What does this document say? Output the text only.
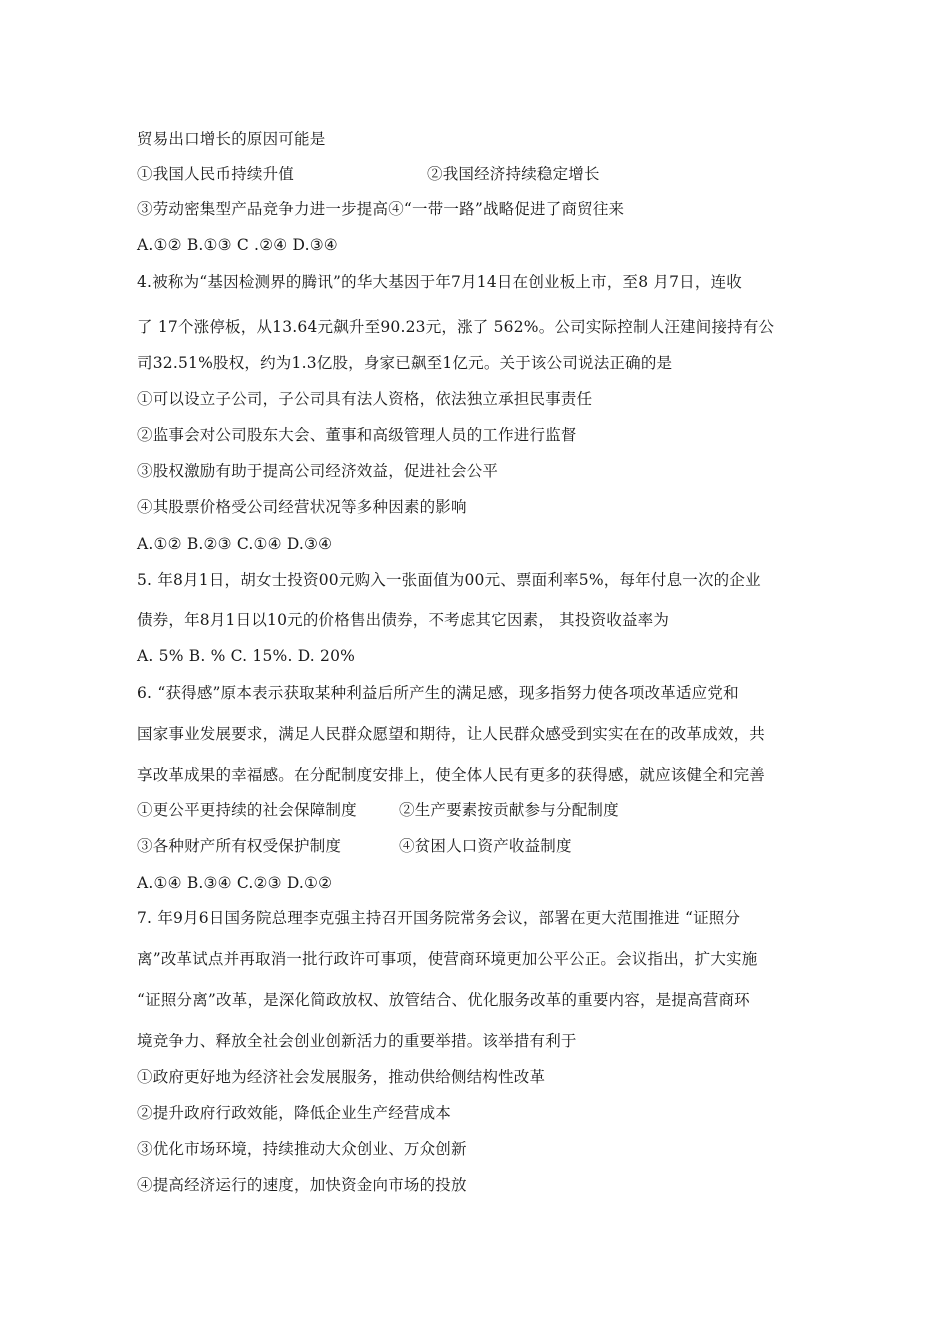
贸易出口增长的原因可能是
①我国人民币持续升值	②我国经济持续稳定增长
③劳动密集型产品竞争力进一步提高④“一带一路”战略促进了商贸往来
A.①② B.①③ C .②④ D.③④
4.被称为“基因检测界的腾讯”的华大基因于年7月14日在创业板上市，至8 月7日，连收
了 17个涨停板，从13.64元飙升至90.23元，涨了 562%。公司实际控制人汪建间接持有公
司32.51%股权，约为1.3亿股，身家已飙至1亿元。关于该公司说法正确的是
①可以设立子公司，子公司具有法人资格，依法独立承担民事责任
②监事会对公司股东大会、董事和高级管理人员的工作进行监督
③股权激励有助于提高公司经济效益，促进社会公平
④其股票价格受公司经营状况等多种因素的影响
A.①② B.②③ C.①④ D.③④
5. 年8月1日，胡女士投资00元购入一张面值为00元、票面利率5%，每年付息一次的企业
债券，年8月1日以10元的价格售出债券，不考虑其它因素， 其投资收益率为
A. 5% B. % C. 15%. D. 20%
6. “获得感”原本表示获取某种利益后所产生的满足感，现多指努力使各项改革适应党和
国家事业发展要求，满足人民群众愿望和期待，让人民群众感受到实实在在的改革成效，共
享改革成果的幸福感。在分配制度安排上，使全体人民有更多的获得感，就应该健全和完善
①更公平更持续的社会保障制度	②生产要素按贡献参与分配制度
③各种财产所有权受保护制度	④贫困人口资产收益制度
A.①④ B.③④ C.②③ D.①②
7. 年9月6日国务院总理李克强主持召开国务院常务会议，部署在更大范围推进 “证照分
离”改革试点并再取消一批行政许可事项，使营商环境更加公平公正。会议指出，扩大实施
“证照分离”改革，是深化简政放权、放管结合、优化服务改革的重要内容，是提高营商环
境竞争力、释放全社会创业创新活力的重要举措。该举措有利于
①政府更好地为经济社会发展服务，推动供给侧结构性改革
②提升政府行政效能，降低企业生产经营成本
③优化市场环境，持续推动大众创业、万众创新
④提高经济运行的速度，加快资金向市场的投放
